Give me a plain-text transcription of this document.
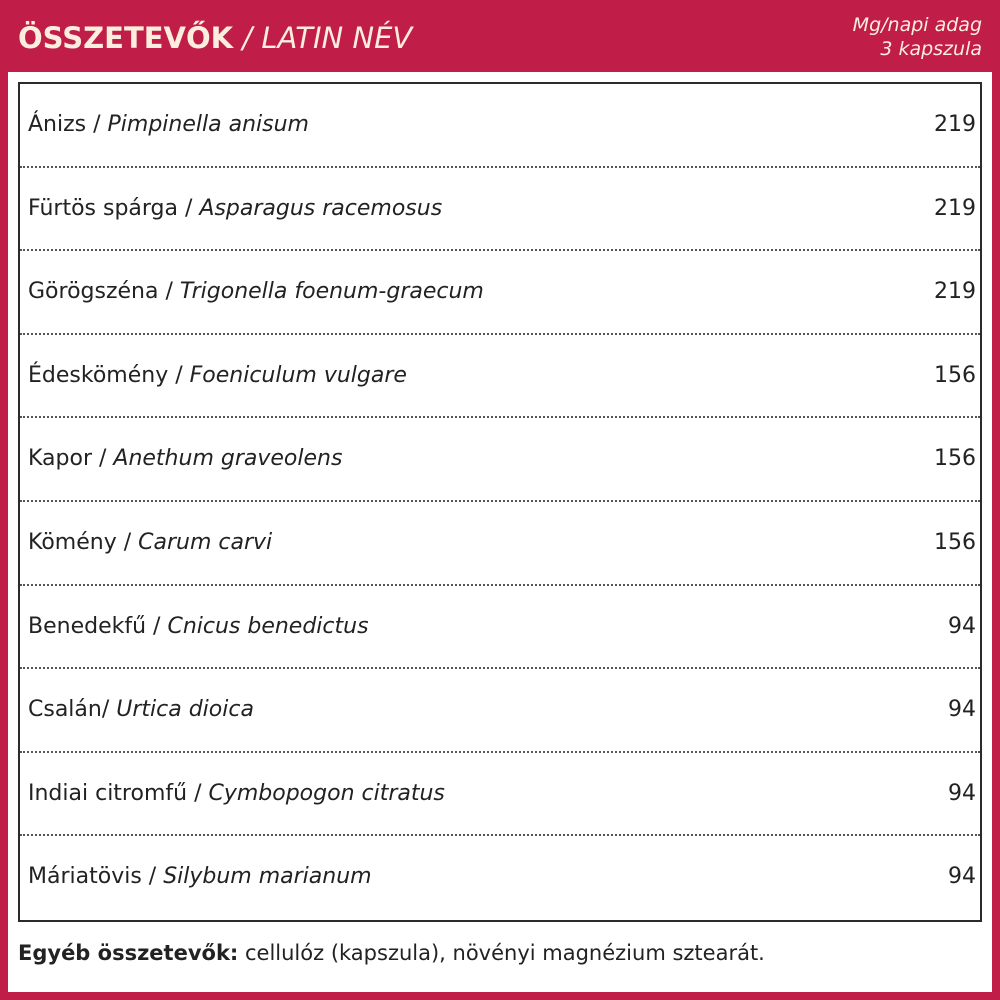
ÖSSZETEVŐK / LATIN NÉV	Mg/napi adag
3 kapszula
Ánizs / Pimpinella anisum	219
Fürtös spárga / Asparagus racemosus	219
Görögszéna / Trigonella foenum-graecum	219
Édeskömény / Foeniculum vulgare	156
Kapor / Anethum graveolens	156
Kömény / Carum carvi	156
Benedekfű / Cnicus benedictus	94
Csalán/ Urtica dioica	94
Indiai citromfű / Cymbopogon citratus	94
Máriatövis / Silybum marianum	94
Egyéb összetevők: cellulóz (kapszula), növényi magnézium sztearát.
